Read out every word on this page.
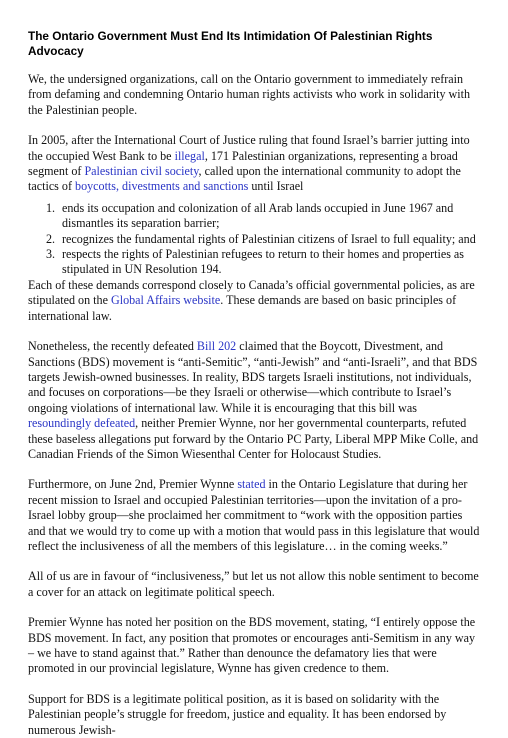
The Ontario Government Must End Its Intimidation Of Palestinian Rights Advocacy

We, the undersigned organizations, call on the Ontario government to immediately refrain from defaming and condemning Ontario human rights activists who work in solidarity with the Palestinian people.

In 2005, after the International Court of Justice ruling that found Israel’s barrier jutting into the occupied West Bank to be illegal, 171 Palestinian organizations, representing a broad segment of Palestinian civil society, called upon the international community to adopt the tactics of boycotts, divestments and sanctions until Israel

1. ends its occupation and colonization of all Arab lands occupied in June 1967 and dismantles its separation barrier;
2. recognizes the fundamental rights of Palestinian citizens of Israel to full equality; and
3. respects the rights of Palestinian refugees to return to their homes and properties as stipulated in UN Resolution 194.

Each of these demands correspond closely to Canada’s official governmental policies, as are stipulated on the Global Affairs website. These demands are based on basic principles of international law.

Nonetheless, the recently defeated Bill 202 claimed that the Boycott, Divestment, and Sanctions (BDS) movement is “anti-Semitic”, “anti-Jewish” and “anti-Israeli”, and that BDS targets Jewish-owned businesses. In reality, BDS targets Israeli institutions, not individuals, and focuses on corporations—be they Israeli or otherwise—which contribute to Israel’s ongoing violations of international law. While it is encouraging that this bill was resoundingly defeated, neither Premier Wynne, nor her governmental counterparts, refuted these baseless allegations put forward by the Ontario PC Party, Liberal MPP Mike Colle, and Canadian Friends of the Simon Wiesenthal Center for Holocaust Studies.

Furthermore, on June 2nd, Premier Wynne stated in the Ontario Legislature that during her recent mission to Israel and occupied Palestinian territories—upon the invitation of a pro-Israel lobby group—she proclaimed her commitment to “work with the opposition parties and that we would try to come up with a motion that would pass in this legislature that would reflect the inclusiveness of all the members of this legislature… in the coming weeks.”

All of us are in favour of “inclusiveness,” but let us not allow this noble sentiment to become a cover for an attack on legitimate political speech.

Premier Wynne has noted her position on the BDS movement, stating, “I entirely oppose the BDS movement. In fact, any position that promotes or encourages anti-Semitism in any way – we have to stand against that.” Rather than denounce the defamatory lies that were promoted in our provincial legislature, Wynne has given credence to them.

Support for BDS is a legitimate political position, as it is based on solidarity with the Palestinian people’s struggle for freedom, justice and equality. It has been endorsed by numerous Jewish-
